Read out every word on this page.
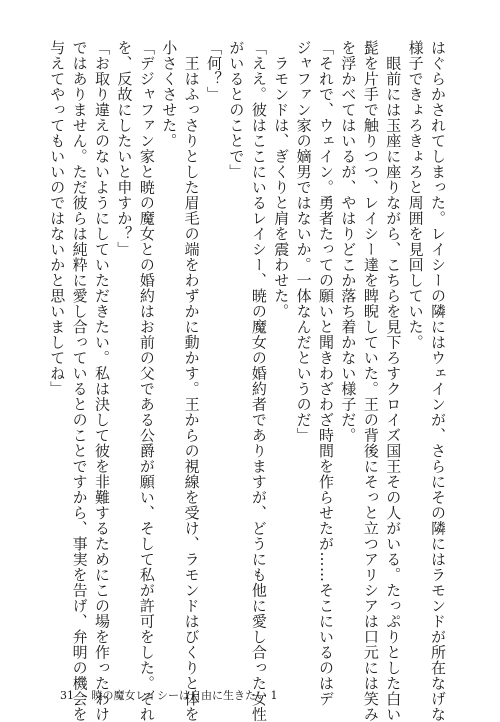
はぐらかされてしまった。レイシーの隣にはウェインが、さらにその隣にはラモンドが所在なげな
様子できょろきょろと周囲を見回していた。
　眼前には玉座に座りながら、こちらを見下ろすクロイズ国王その人がいる。たっぷりとした白い
髭を片手で触りつつ、レイシー達を睥睨していた。王の背後にそっと立つアリシアは口元には笑み
を浮かべてはいるが、やはりどこか落ち着かない様子だ。
「それで、ウェイン。勇者たっての願いと聞きわざわざ時間を作らせたが……そこにいるのはデ
ジャファン家の嫡男ではないか。一体なんだというのだ」
　ラモンドは、ぎくりと肩を震わせた。
「ええ。彼はここにいるレイシー、暁の魔女の婚約者でありますが、どうにも他に愛し合った女性
がいるとのことで」
「何？」
　王はふっさりとした眉毛の端をわずかに動かす。王からの視線を受け、ラモンドはびくりと体を
小さくさせた。
「デジャファン家と暁の魔女との婚約はお前の父である公爵が願い、そして私が許可をした。それ
を、反故にしたいと申すか？」
「お取り違えのないようにしていただきたい。私は決して彼を非難するためにこの場を作ったわけ
ではありません。ただ彼らは純粋に愛し合っているとのことですから、事実を告げ、弁明の機会を
与えてやってもいいのではないかと思いましてね」
31 暁の魔女レイシーは自由に生きたい 1
